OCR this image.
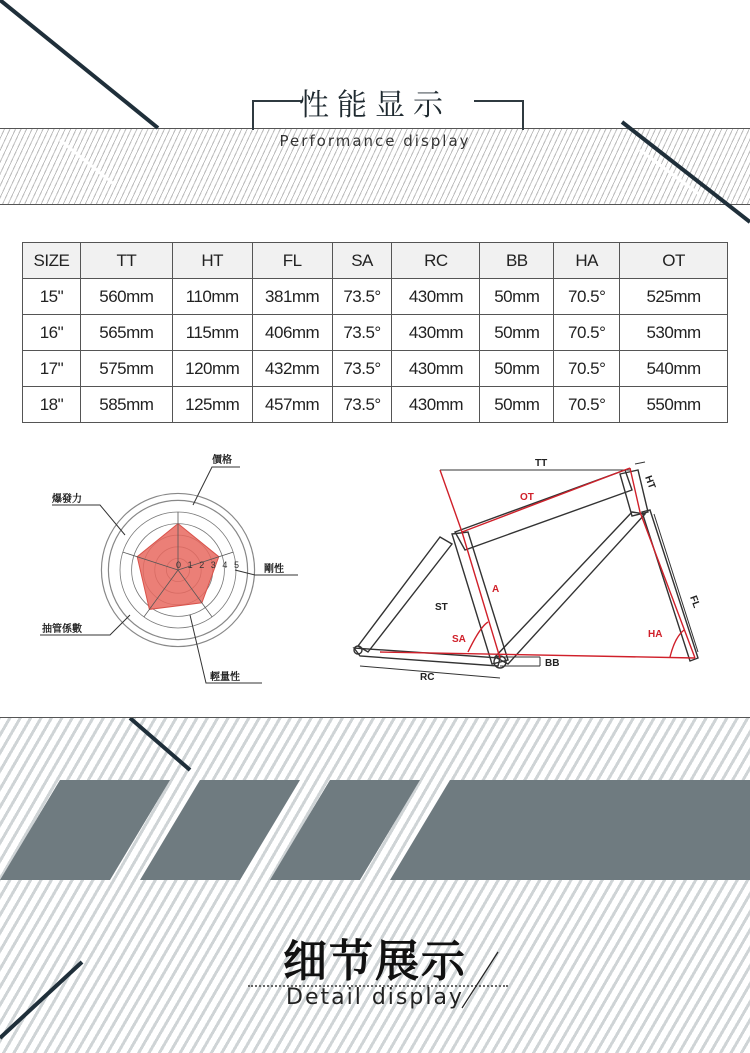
性能显示
Performance display
SIZE	TT	HT	FL	SA	RC	BB	HA	OT
15"	560mm	110mm	381mm	73.5°	430mm	50mm	70.5°	525mm
16"	565mm	115mm	406mm	73.5°	430mm	50mm	70.5°	530mm
17"	575mm	120mm	432mm	73.5°	430mm	50mm	70.5°	540mm
18"	585mm	125mm	457mm	73.5°	430mm	50mm	70.5°	550mm
0 1 2 3 4 5
價格
剛性
輕量性
抽管係數
爆發力
TT
HT
OT
FL
ST
A
SA	HA
RC
BB
细节展示
Detail display
